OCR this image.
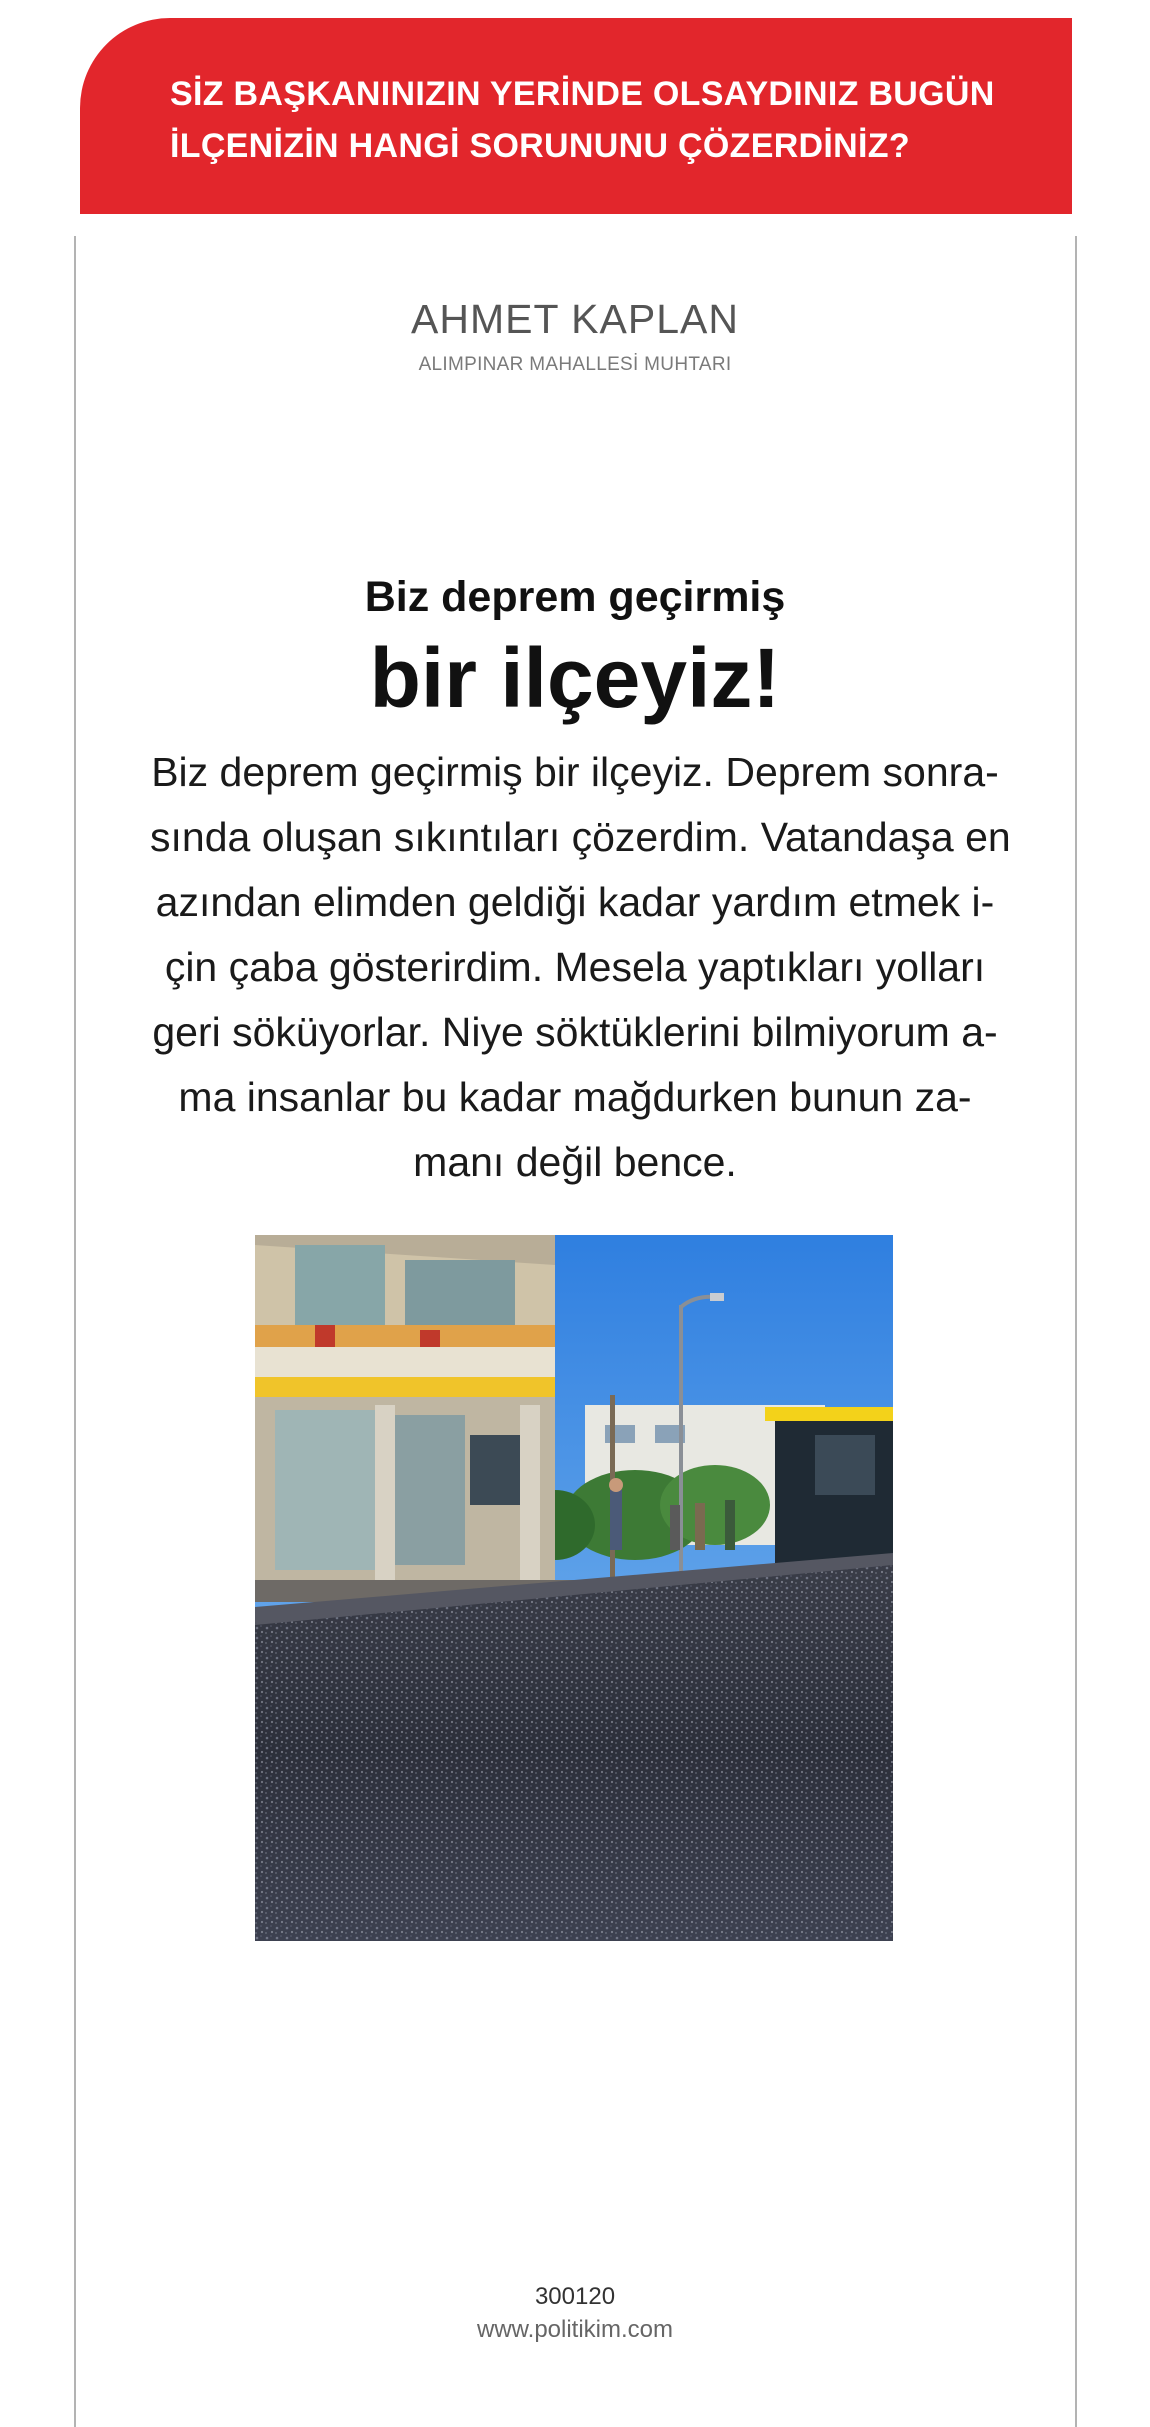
SİZ BAŞKANINIZIN YERİNDE OLSAYDINIZ BUGÜN
İLÇENİZİN HANGİ SORUNUNU ÇÖZERDİNİZ?
AHMET KAPLAN
ALIMPINAR MAHALLESİ MUHTARI
Biz deprem geçirmiş
bir ilçeyiz!
Biz deprem geçirmiş bir ilçeyiz. Deprem sonra-
sında oluşan sıkıntıları çözerdim. Vatandaşa en
azından elimden geldiği kadar yardım etmek i-
çin çaba gösterirdim. Mesela yaptıkları yolları
geri söküyorlar. Niye söktüklerini bilmiyorum a-
ma insanlar bu kadar mağdurken bunun za-
manı değil bence.
300120
www.politikim.com
